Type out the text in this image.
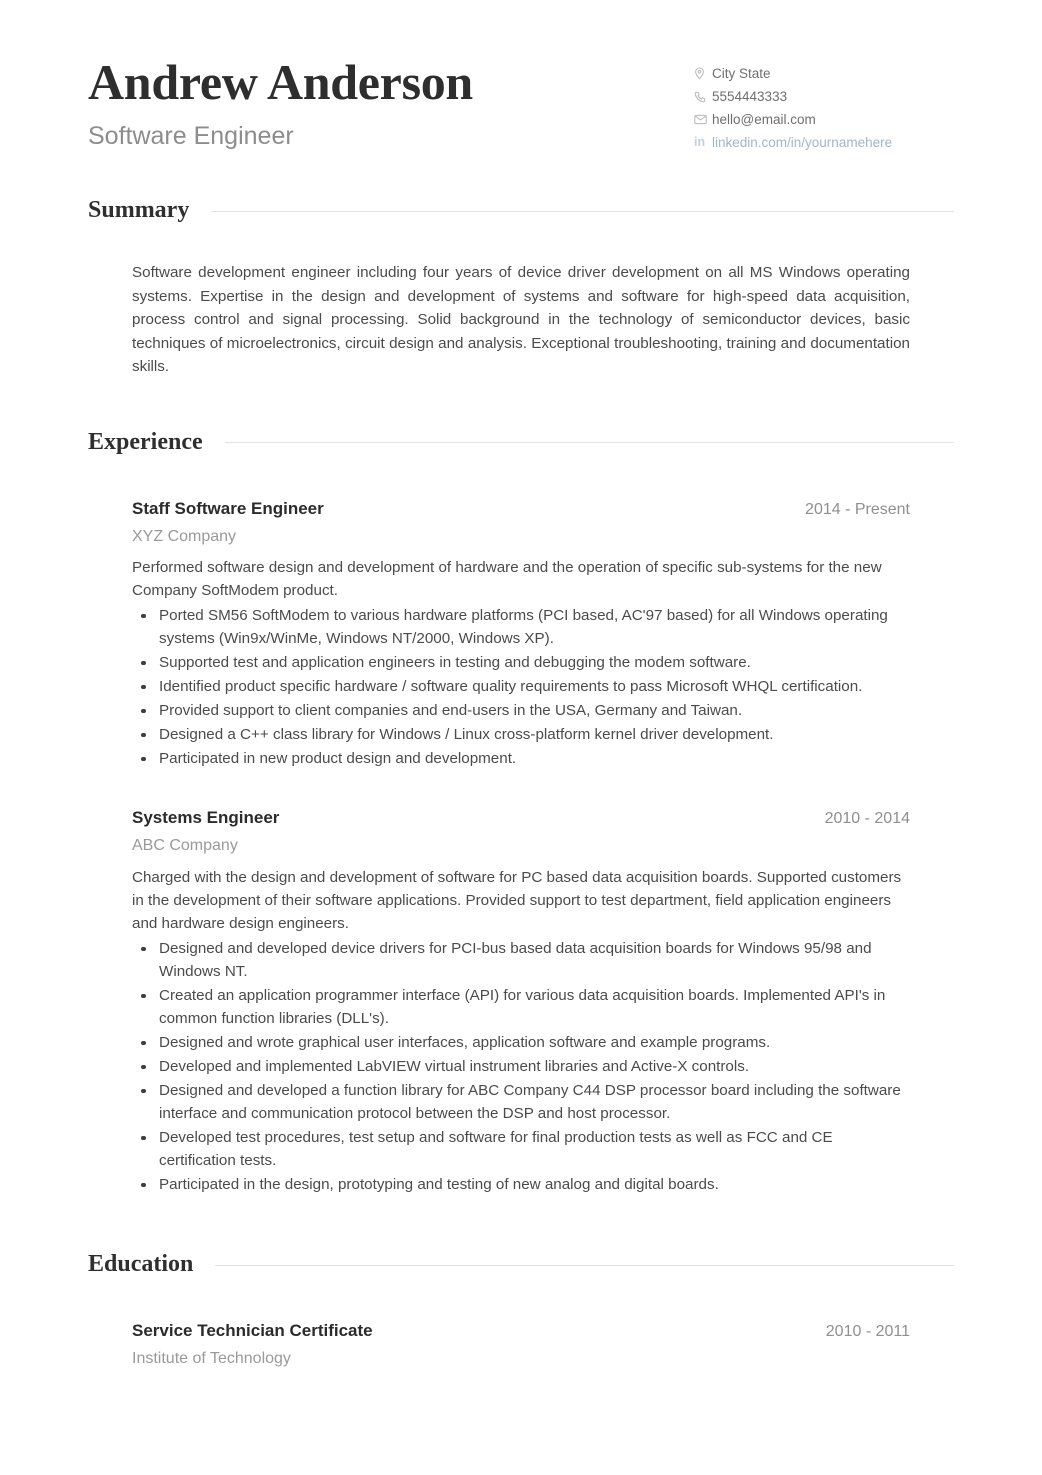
Andrew Anderson
Software Engineer
City State
5554443333
hello@email.com
in linkedin.com/in/yournamehere
Summary

Software development engineer including four years of device driver development on all MS Windows operating systems. Expertise in the design and development of systems and software for high-speed data acquisition, process control and signal processing. Solid background in the technology of semiconductor devices, basic techniques of microelectronics, circuit design and analysis. Exceptional troubleshooting, training and documentation skills.

Experience
Staff Software Engineer	2014 - Present
XYZ Company

Performed software design and development of hardware and the operation of specific sub-systems for the new Company SoftModem product.

Ported SM56 SoftModem to various hardware platforms (PCI based, AC'97 based) for all Windows operating systems (Win9x/WinMe, Windows NT/2000, Windows XP).
Supported test and application engineers in testing and debugging the modem software.
Identified product specific hardware / software quality requirements to pass Microsoft WHQL certification.
Provided support to client companies and end-users in the USA, Germany and Taiwan.
Designed a C++ class library for Windows / Linux cross-platform kernel driver development.
Participated in new product design and development.
Systems Engineer	2010 - 2014
ABC Company

Charged with the design and development of software for PC based data acquisition boards. Supported customers in the development of their software applications. Provided support to test department, field application engineers and hardware design engineers.

Designed and developed device drivers for PCI-bus based data acquisition boards for Windows 95/98 and Windows NT.
Created an application programmer interface (API) for various data acquisition boards. Implemented API's in common function libraries (DLL's).
Designed and wrote graphical user interfaces, application software and example programs.
Developed and implemented LabVIEW virtual instrument libraries and Active-X controls.
Designed and developed a function library for ABC Company C44 DSP processor board including the software interface and communication protocol between the DSP and host processor.
Developed test procedures, test setup and software for final production tests as well as FCC and CE certification tests.
Participated in the design, prototyping and testing of new analog and digital boards.
Education
Service Technician Certificate	2010 - 2011
Institute of Technology
